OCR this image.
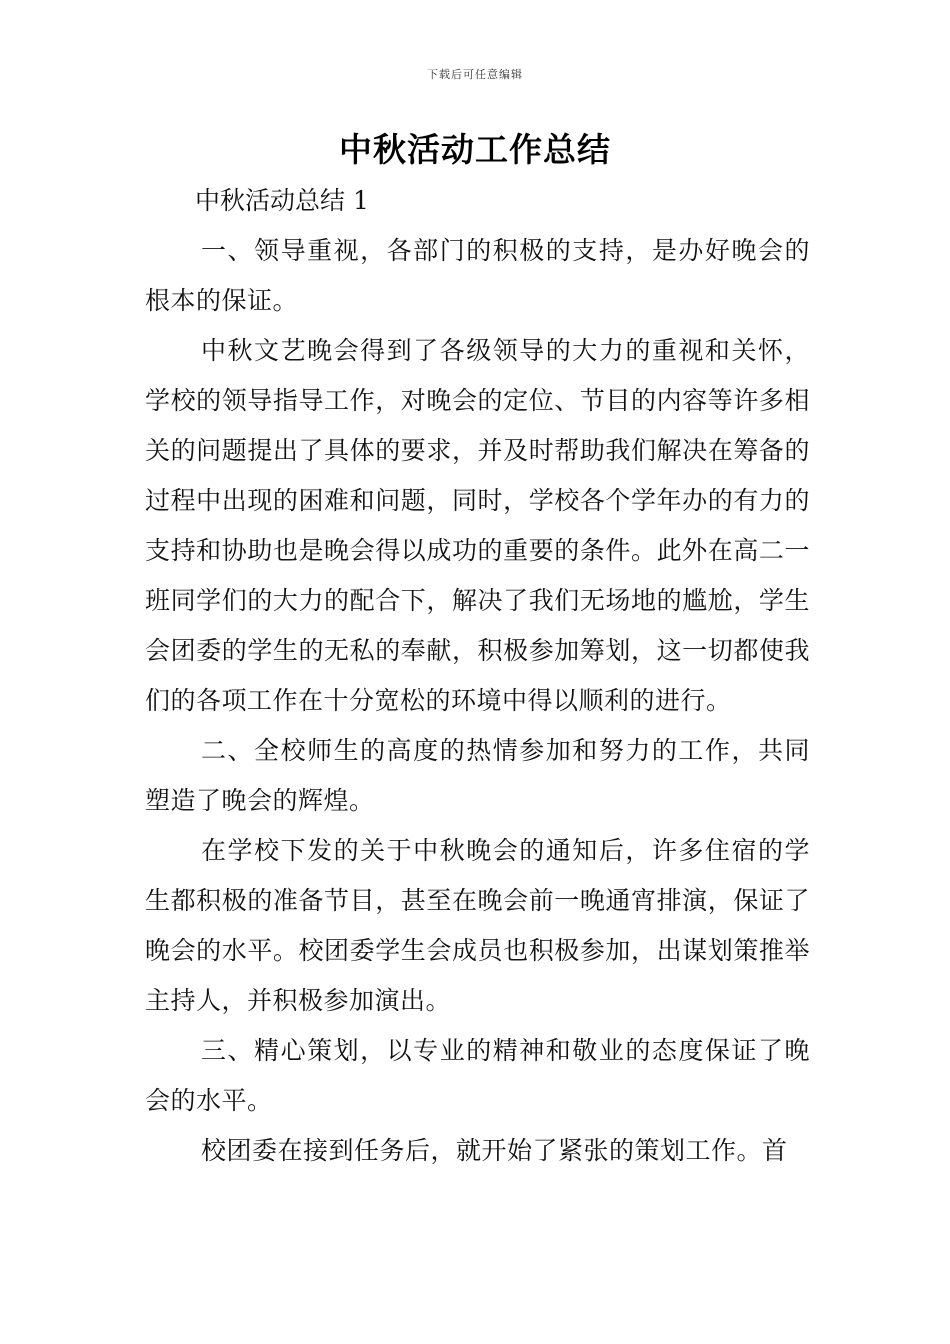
下载后可任意编辑
中秋活动工作总结

中秋活动总结 1

一、领导重视，各部门的积极的支持，是办好晚会的根本的保证。

中秋文艺晚会得到了各级领导的大力的重视和关怀，学校的领导指导工作，对晚会的定位、节目的内容等许多相关的问题提出了具体的要求，并及时帮助我们解决在筹备的过程中出现的困难和问题，同时，学校各个学年办的有力的支持和协助也是晚会得以成功的重要的条件。此外在高二一班同学们的大力的配合下，解决了我们无场地的尴尬，学生会团委的学生的无私的奉献，积极参加筹划，这一切都使我们的各项工作在十分宽松的环境中得以顺利的进行。

二、全校师生的高度的热情参加和努力的工作，共同塑造了晚会的辉煌。

在学校下发的关于中秋晚会的通知后，许多住宿的学生都积极的准备节目，甚至在晚会前一晚通宵排演，保证了晚会的水平。校团委学生会成员也积极参加，出谋划策推举主持人，并积极参加演出。

三、精心策划，以专业的精神和敬业的态度保证了晚会的水平。

校团委在接到任务后，就开始了紧张的策划工作。首
